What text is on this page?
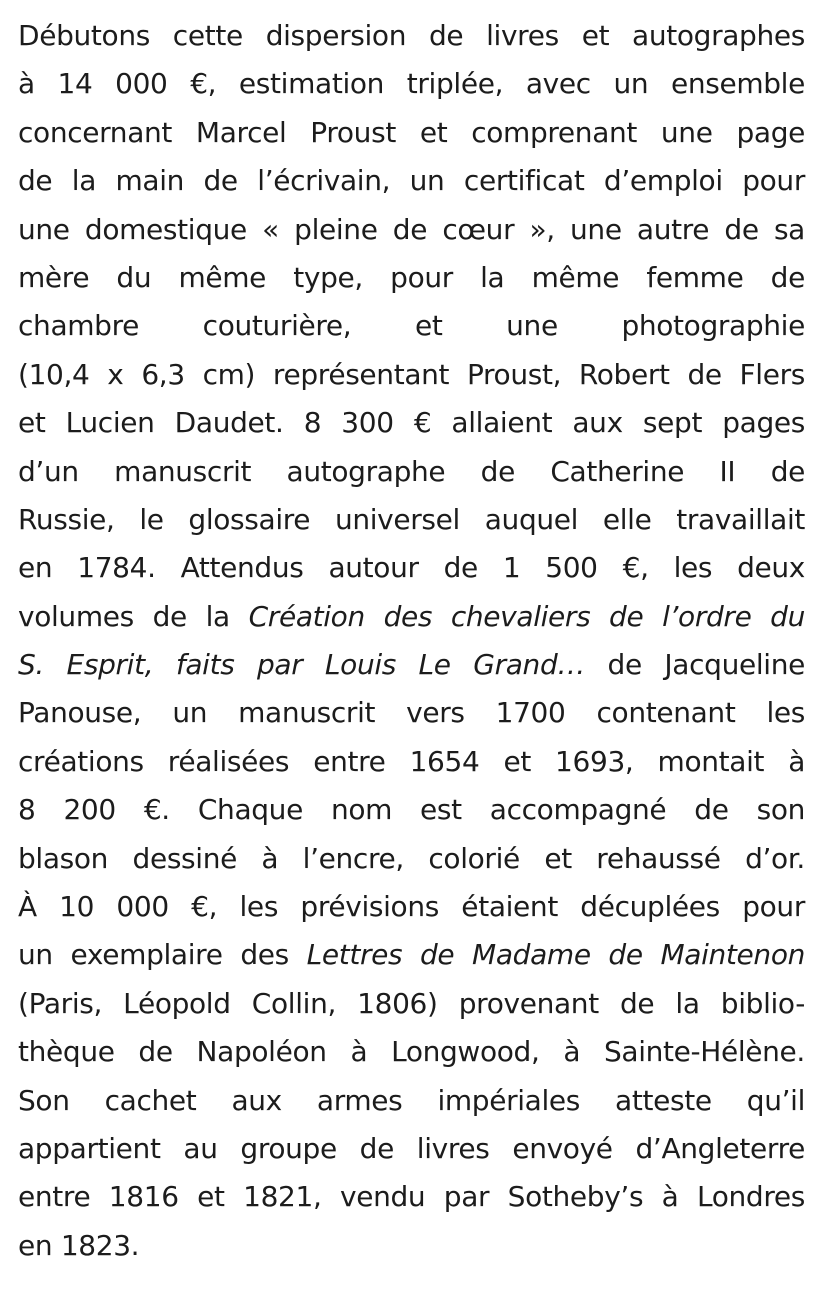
Débutons cette dispersion de livres et autographes
à 14 000 €, estimation triplée, avec un ensemble
concernant Marcel Proust et comprenant une page
de la main de l’écrivain, un certificat d’emploi pour
une domestique « pleine de cœur », une autre de sa
mère du même type, pour la même femme de
chambre couturière, et une photographie
(10,4 x 6,3 cm) représentant Proust, Robert de Flers
et Lucien Daudet. 8 300 € allaient aux sept pages
d’un manuscrit autographe de Catherine II de
Russie, le glossaire universel auquel elle travaillait
en 1784. Attendus autour de 1 500 €, les deux
volumes de la Création des chevaliers de l’ordre du
S. Esprit, faits par Louis Le Grand… de Jacqueline
Panouse, un manuscrit vers 1700 contenant les
créations réalisées entre 1654 et 1693, montait à
8 200 €. Chaque nom est accompagné de son
blason dessiné à l’encre, colorié et rehaussé d’or.
À 10 000 €, les prévisions étaient décuplées pour
un exemplaire des Lettres de Madame de Maintenon
(Paris, Léopold Collin, 1806) provenant de la biblio-
thèque de Napoléon à Longwood, à Sainte-Hélène.
Son cachet aux armes impériales atteste qu’il
appartient au groupe de livres envoyé d’Angleterre
entre 1816 et 1821, vendu par Sotheby’s à Londres
en 1823.
